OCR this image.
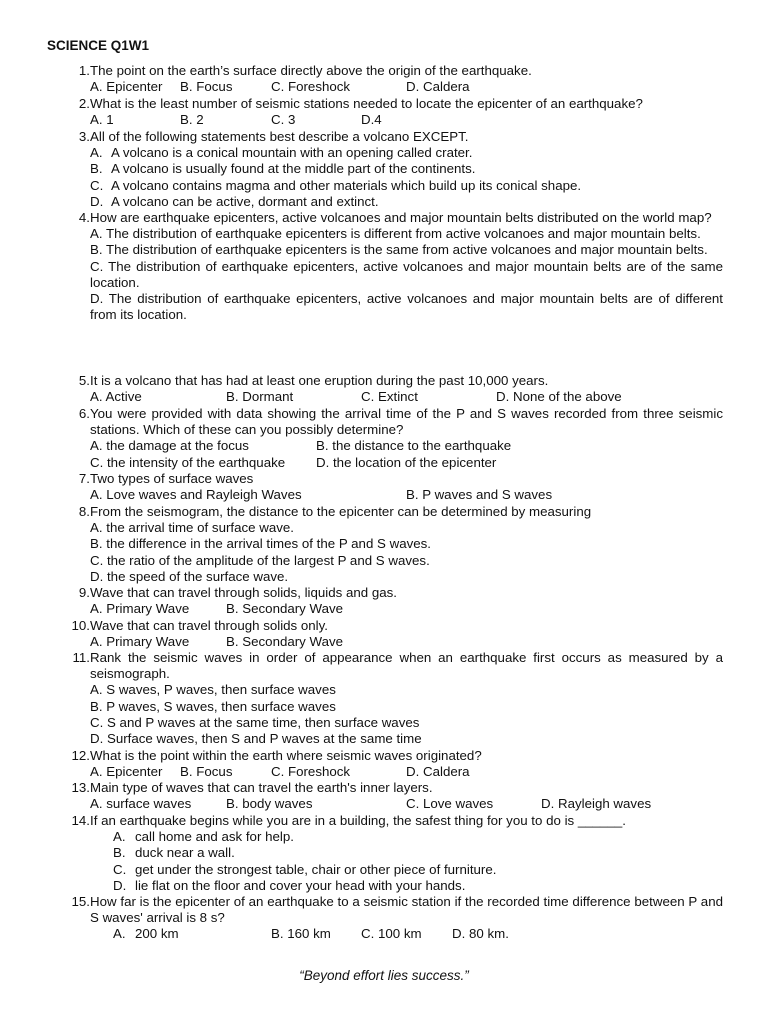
SCIENCE Q1W1
1. The point on the earth’s surface directly above the origin of the earthquake.
A. Epicenter B. Focus	C. Foreshock	D. Caldera
2. What is the least number of seismic stations needed to locate the epicenter of an earthquake?
A. 1	B. 2	C. 3	D.4
3. All of the following statements best describe a volcano EXCEPT.
A. A volcano is a conical mountain with an opening called crater.
B. A volcano is usually found at the middle part of the continents.
C. A volcano contains magma and other materials which build up its conical shape.
D. A volcano can be active, dormant and extinct.
4. How are earthquake epicenters, active volcanoes and major mountain belts distributed on the world map?
A. The distribution of earthquake epicenters is different from active volcanoes and major mountain belts.
B. The distribution of earthquake epicenters is the same from active volcanoes and major mountain belts.
C. The distribution of earthquake epicenters, active volcanoes and major mountain belts are of the same location.
D. The distribution of earthquake epicenters, active volcanoes and major mountain belts are of different from its location.
5. It is a volcano that has had at least one eruption during the past 10,000 years.
A. Active	B. Dormant	C. Extinct	D. None of the above
6. You were provided with data showing the arrival time of the P and S waves recorded from three seismic stations. Which of these can you possibly determine?
A. the damage at the focus	B. the distance to the earthquake
C. the intensity of the earthquake D. the location of the epicenter
7. Two types of surface waves
A. Love waves and Rayleigh Waves	B. P waves and S waves
8. From the seismogram, the distance to the epicenter can be determined by measuring
A. the arrival time of surface wave.
B. the difference in the arrival times of the P and S waves.
C. the ratio of the amplitude of the largest P and S waves.
D. the speed of the surface wave.
9. Wave that can travel through solids, liquids and gas.
A. Primary Wave	B. Secondary Wave
10. Wave that can travel through solids only.
A. Primary Wave	B. Secondary Wave
11. Rank the seismic waves in order of appearance when an earthquake first occurs as measured by a seismograph.
A. S waves, P waves, then surface waves
B. P waves, S waves, then surface waves
C. S and P waves at the same time, then surface waves
D. Surface waves, then S and P waves at the same time
12. What is the point within the earth where seismic waves originated?
A. Epicenter B. Focus	C. Foreshock	D. Caldera
13. Main type of waves that can travel the earth's inner layers.
A. surface waves	B. body waves	C. Love waves	D. Rayleigh waves
14. If an earthquake begins while you are in a building, the safest thing for you to do is ______.
A. call home and ask for help.
B. duck near a wall.
C. get under the strongest table, chair or other piece of furniture.
D. lie flat on the floor and cover your head with your hands.
15. How far is the epicenter of an earthquake to a seismic station if the recorded time difference between P and S waves' arrival is 8 s?
A. 200 km	B. 160 km C. 100 km D. 80 km.
“Beyond effort lies success.”
